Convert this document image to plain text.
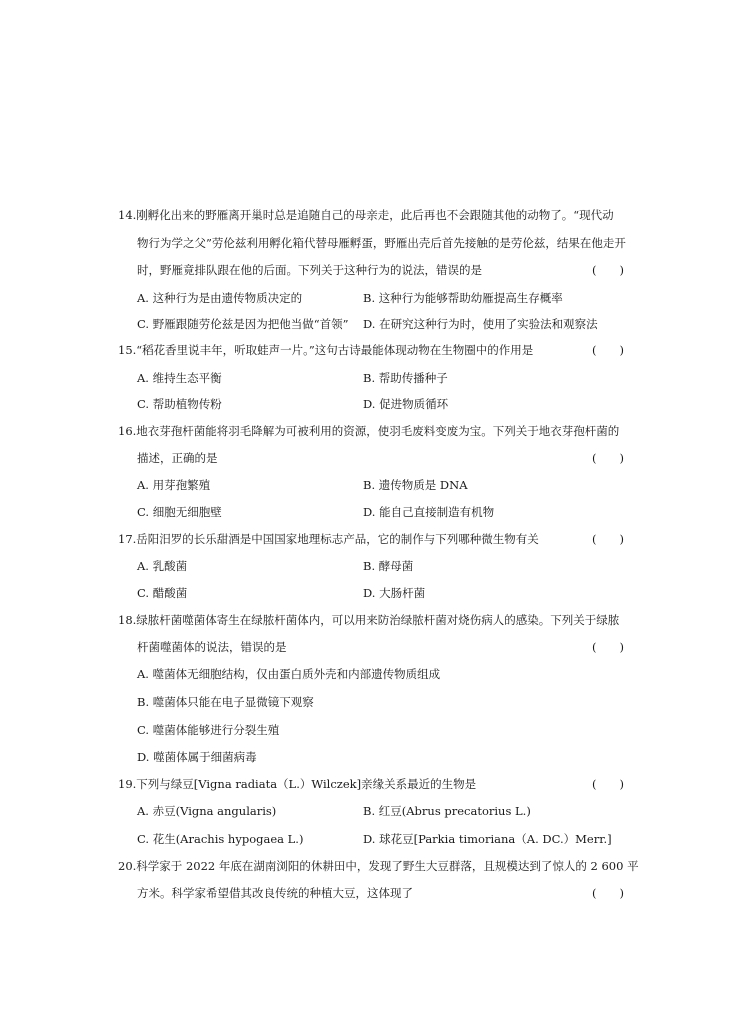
14.刚孵化出来的野雁离开巢时总是追随自己的母亲走，此后再也不会跟随其他的动物了。“现代动
物行为学之父”劳伦兹利用孵化箱代替母雁孵蛋，野雁出壳后首先接触的是劳伦兹，结果在他走开
时，野雁竟排队跟在他的后面。下列关于这种行为的说法，错误的是	(　　)
A. 这种行为是由遗传物质决定的	B. 这种行为能够帮助幼雁提高生存概率
C. 野雁跟随劳伦兹是因为把他当做“首领” D. 在研究这种行为时，使用了实验法和观察法
15.“稻花香里说丰年，听取蛙声一片。”这句古诗最能体现动物在生物圈中的作用是	(　　)
A. 维持生态平衡	B. 帮助传播种子
C. 帮助植物传粉	D. 促进物质循环
16.地衣芽孢杆菌能将羽毛降解为可被利用的资源，使羽毛废料变废为宝。下列关于地衣芽孢杆菌的
描述，正确的是	(　　)
A. 用芽孢繁殖	B. 遗传物质是 DNA
C. 细胞无细胞壁	D. 能自己直接制造有机物
17.岳阳汨罗的长乐甜酒是中国国家地理标志产品，它的制作与下列哪种微生物有关	(　　)
A. 乳酸菌	B. 酵母菌
C. 醋酸菌	D. 大肠杆菌
18.绿脓杆菌噬菌体寄生在绿脓杆菌体内，可以用来防治绿脓杆菌对烧伤病人的感染。下列关于绿脓
杆菌噬菌体的说法，错误的是	(　　)
A. 噬菌体无细胞结构，仅由蛋白质外壳和内部遗传物质组成
B. 噬菌体只能在电子显微镜下观察
C. 噬菌体能够进行分裂生殖
D. 噬菌体属于细菌病毒
19.下列与绿豆[Vigna radiata（L.）Wilczek]亲缘关系最近的生物是	(　　)
A. 赤豆(Vigna angularis)	B. 红豆(Abrus precatorius L.)
C. 花生(Arachis hypogaea L.)	D. 球花豆[Parkia timoriana（A. DC.）Merr.]
20.科学家于 2022 年底在湖南浏阳的休耕田中，发现了野生大豆群落，且规模达到了惊人的 2 600 平
方米。科学家希望借其改良传统的种植大豆，这体现了	(　　)
